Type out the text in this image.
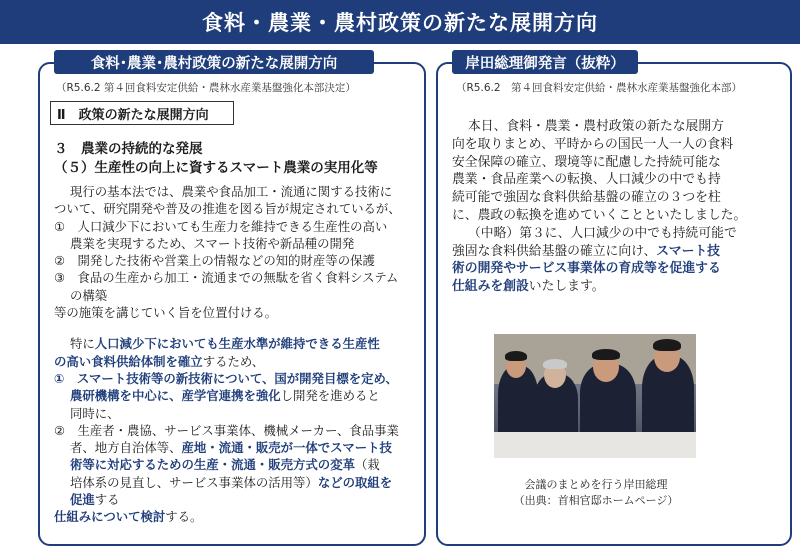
食料・農業・農村政策の新たな展開方向
食料･農業･農村政策の新たな展開方向	岸田総理御発言（抜粋）
（R5.6.2 第４回食料安定供給・農林水産業基盤強化本部決定）	（R5.6.2　第４回食料安定供給・農林水産業基盤強化本部）
Ⅱ　政策の新たな展開方向
３　農業の持続的な発展
（５）生産性の向上に資するスマート農業の実用化等
現行の基本法では、農業や食品加工・流通に関する技術に
ついて、研究開発や普及の推進を図る旨が規定されているが、
①　人口減少下においても生産力を維持できる生産性の高い
農業を実現するため、スマート技術や新品種の開発
②　開発した技術や営業上の情報などの知的財産等の保護
③　食品の生産から加工・流通までの無駄を省く食料システム
の構築
等の施策を講じていく旨を位置付ける。
特に人口減少下においても生産水準が維持できる生産性
の高い食料供給体制を確立するため、
①　スマート技術等の新技術について、国が開発目標を定め、
農研機構を中心に、産学官連携を強化し開発を進めると
同時に、
②　生産者・農協、サービス事業体、機械メーカー、食品事業
者、地方自治体等、産地・流通・販売が一体でスマート技
術等に対応するための生産・流通・販売方式の変革（栽
培体系の見直し、サービス事業体の活用等）などの取組を
促進する
仕組みについて検討する。
本日、食料・農業・農村政策の新たな展開方
向を取りまとめ、平時からの国民一人一人の食料
安全保障の確立、環境等に配慮した持続可能な
農業・食品産業への転換、人口減少の中でも持
続可能で強固な食料供給基盤の確立の３つを柱
に、農政の転換を進めていくことといたしました。
（中略）第３に、人口減少の中でも持続可能で
強固な食料供給基盤の確立に向け、スマート技
術の開発やサービス事業体の育成等を促進する
仕組みを創設いたします。
会議のまとめを行う岸田総理
（出典：首相官邸ホームページ）
